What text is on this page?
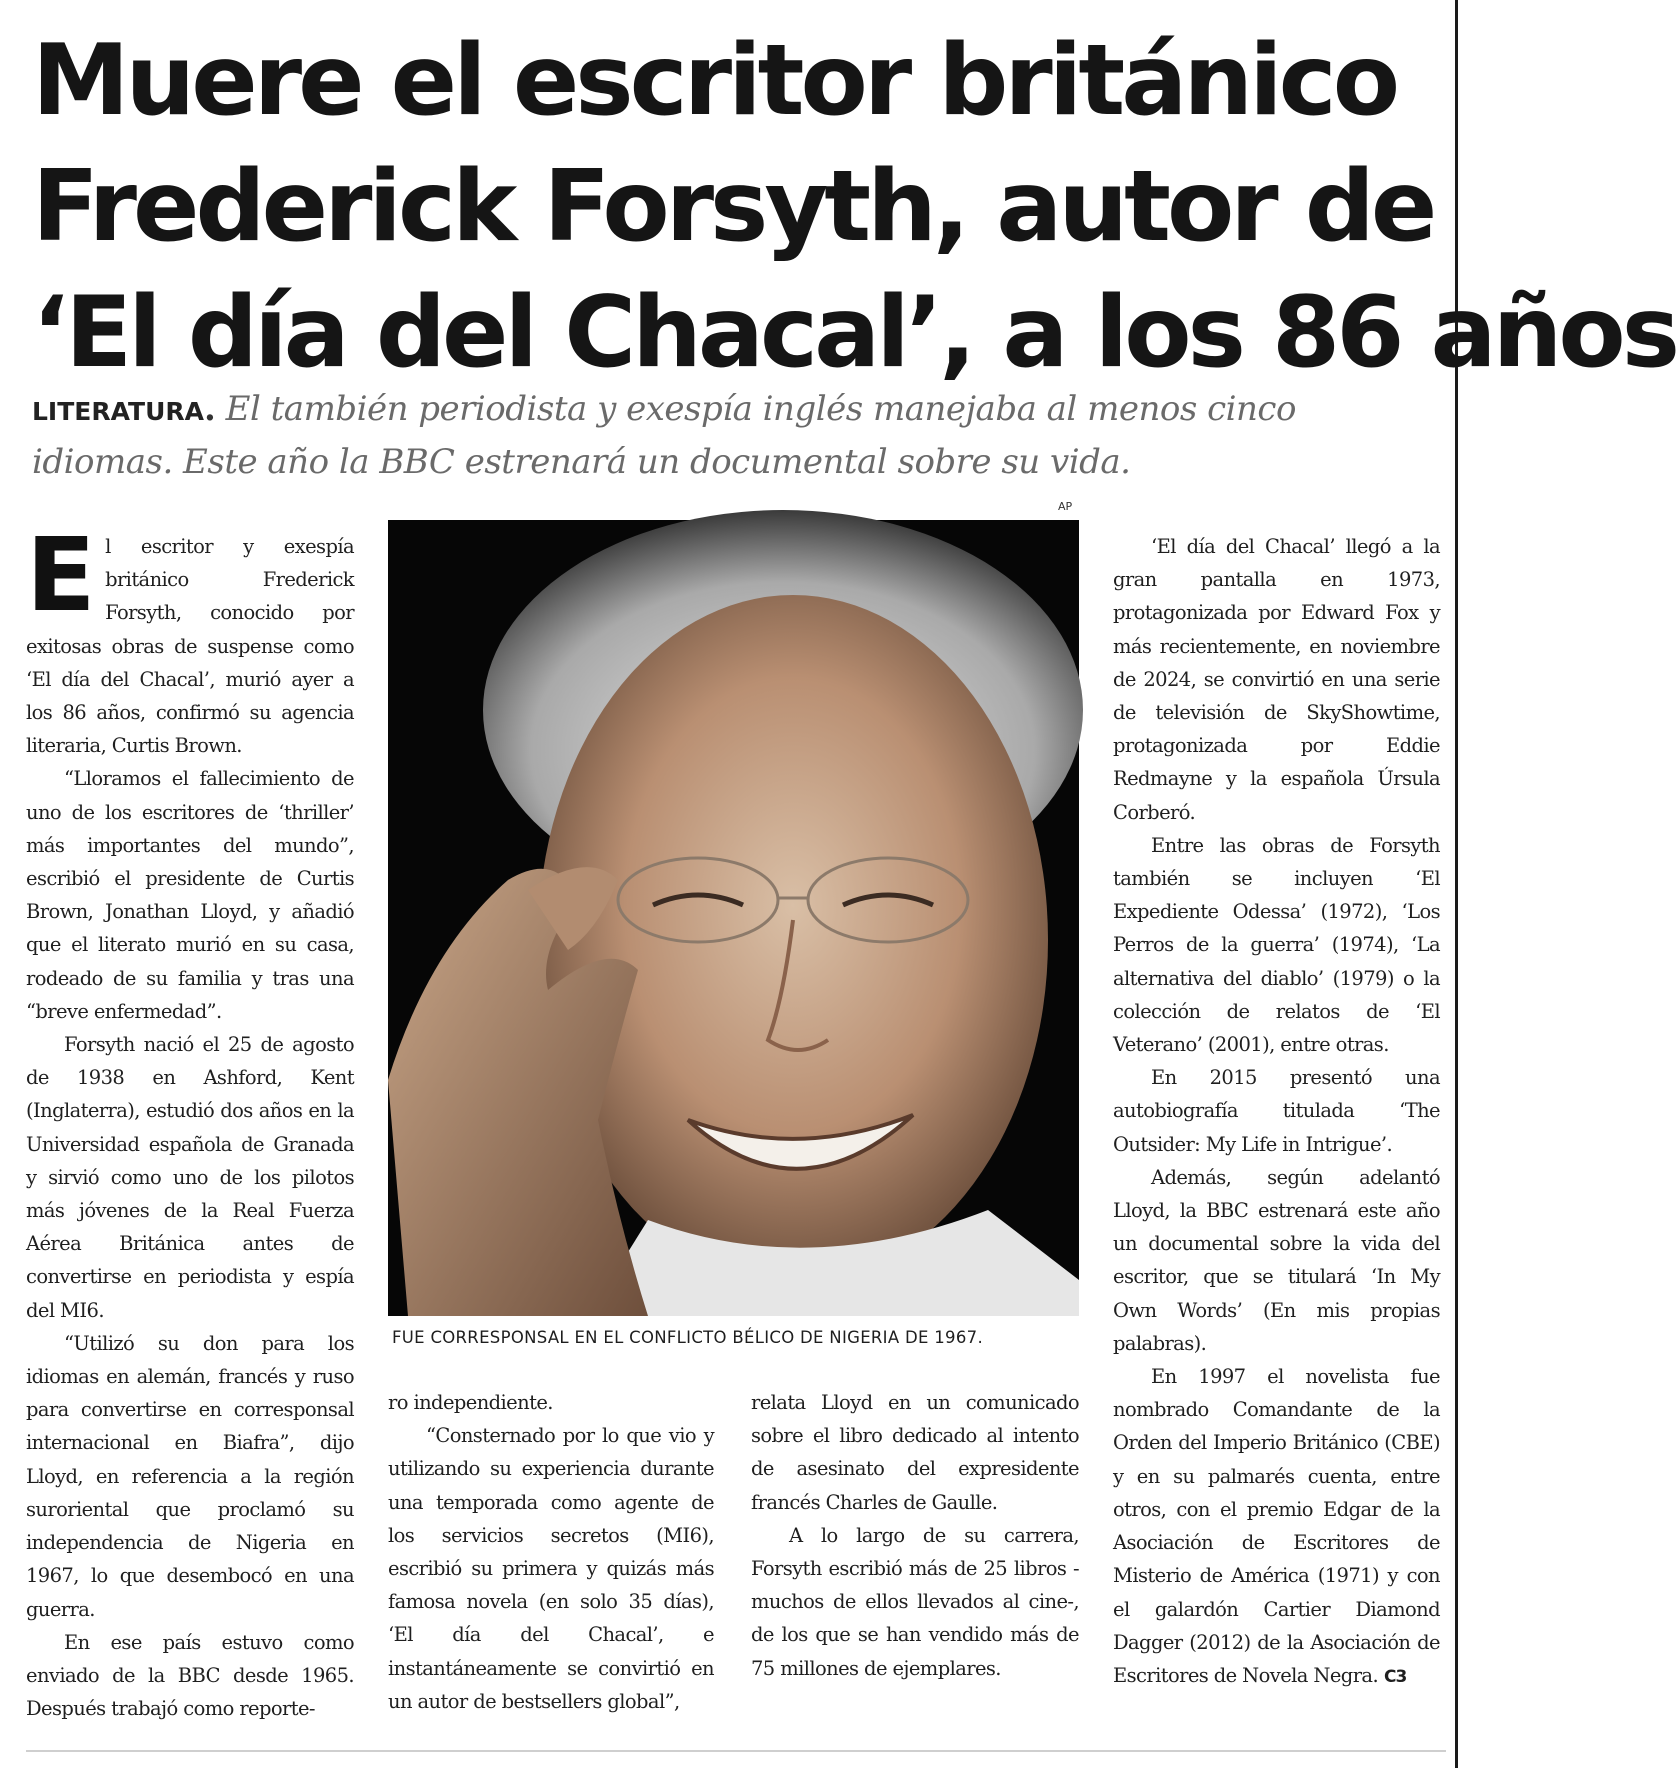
Muere el escritor británico
Frederick Forsyth, autor de
‘El día del Chacal’, a los 86 años

LITERATURA. El también periodista y exespía inglés manejaba al menos cinco idiomas. Este año la BBC estrenará un documental sobre su vida.

El escritor y exespía británico Frederick Forsyth, conocido por exitosas obras de suspense como ‘El día del Chacal’, murió ayer a los 86 años, confirmó su agencia literaria, Curtis Brown.

“Lloramos el fallecimiento de uno de los escritores de ‘thriller’ más importantes del mundo”, escribió el presidente de Curtis Brown, Jonathan Lloyd, y añadió que el literato murió en su casa, rodeado de su familia y tras una “breve enfermedad”.

Forsyth nació el 25 de agosto de 1938 en Ashford, Kent (Inglaterra), estudió dos años en la Universidad española de Granada y sirvió como uno de los pilotos más jóvenes de la Real Fuerza Aérea Británica antes de convertirse en periodista y espía del MI6.

“Utilizó su don para los idiomas en alemán, francés y ruso para convertirse en corresponsal internacional en Biafra”, dijo Lloyd, en referencia a la región suroriental que proclamó su independencia de Nigeria en 1967, lo que desembocó en una guerra.

En ese país estuvo como enviado de la BBC desde 1965. Después trabajó como reporte-

AP
FUE CORRESPONSAL EN EL CONFLICTO BÉLICO DE NIGERIA DE 1967.

ro independiente.

“Consternado por lo que vio y utilizando su experiencia durante una temporada como agente de los servicios secretos (MI6), escribió su primera y quizás más famosa novela (en solo 35 días), ‘El día del Chacal’, e instantáneamente se convirtió en un autor de bestsellers global”,

relata Lloyd en un comunicado sobre el libro dedicado al intento de asesinato del expresidente francés Charles de Gaulle.

A lo largo de su carrera, Forsyth escribió más de 25 libros -muchos de ellos llevados al cine-, de los que se han vendido más de 75 millones de ejemplares.

‘El día del Chacal’ llegó a la gran pantalla en 1973, protagonizada por Edward Fox y más recientemente, en noviembre de 2024, se convirtió en una serie de televisión de SkyShowtime, protagonizada por Eddie Redmayne y la española Úrsula Corberó.

Entre las obras de Forsyth también se incluyen ‘El Expediente Odessa’ (1972), ‘Los Perros de la guerra’ (1974), ‘La alternativa del diablo’ (1979) o la colección de relatos de ‘El Veterano’ (2001), entre otras.

En 2015 presentó una autobiografía titulada ‘The Outsider: My Life in Intrigue’.

Además, según adelantó Lloyd, la BBC estrenará este año un documental sobre la vida del escritor, que se titulará ‘In My Own Words’ (En mis propias palabras).

En 1997 el novelista fue nombrado Comandante de la Orden del Imperio Británico (CBE) y en su palmarés cuenta, entre otros, con el premio Edgar de la Asociación de Escritores de Misterio de América (1971) y con el galardón Cartier Diamond Dagger (2012) de la Asociación de Escritores de Novela Negra. C3
